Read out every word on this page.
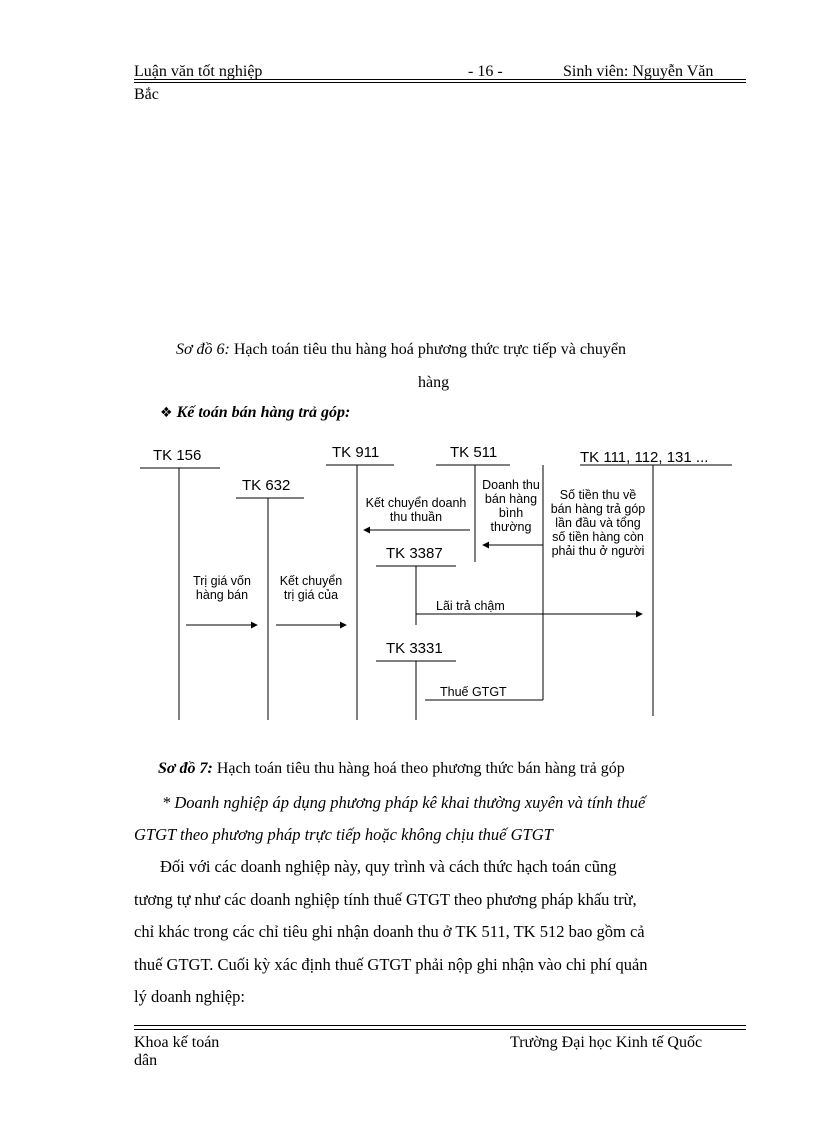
Luận văn tốt nghiệp	- 16 -	Sinh viên: Nguyễn Văn
Bắc
Sơ đồ 6: Hạch toán tiêu thu hàng hoá phương thức trực tiếp và chuyển
hàng
❖ Kế toán bán hàng trả góp:
TK 156
TK 632
TK 911	TK 511	TK 111, 112, 131 ...
TK 3387
TK 3331
Trị giá vốn hàng bán
Kết chuyển trị giá của
Kết chuyển doanh thu thuần
Doanh thu bán hàng bình thường
Số tiền thu về bán hàng trả góp lần đầu và tổng số tiền hàng còn phải thu ở người
Lãi trả chậm
Thuế GTGT
Sơ đồ 7: Hạch toán tiêu thu hàng hoá theo phương thức bán hàng trả góp
* Doanh nghiệp áp dụng phương pháp kê khai thường xuyên và tính thuế
GTGT theo phương pháp trực tiếp hoặc không chịu thuế GTGT
Đối với các doanh nghiệp này, quy trình và cách thức hạch toán cũng
tương tự như các doanh nghiệp tính thuế GTGT theo phương pháp khấu trừ,
chỉ khác trong các chỉ tiêu ghi nhận doanh thu ở TK 511, TK 512 bao gồm cả
thuế GTGT. Cuối kỳ xác định thuế GTGT phải nộp ghi nhận vào chi phí quản
lý doanh nghiệp:
Khoa kế toán
dân
Trường Đại học Kinh tế Quốc
